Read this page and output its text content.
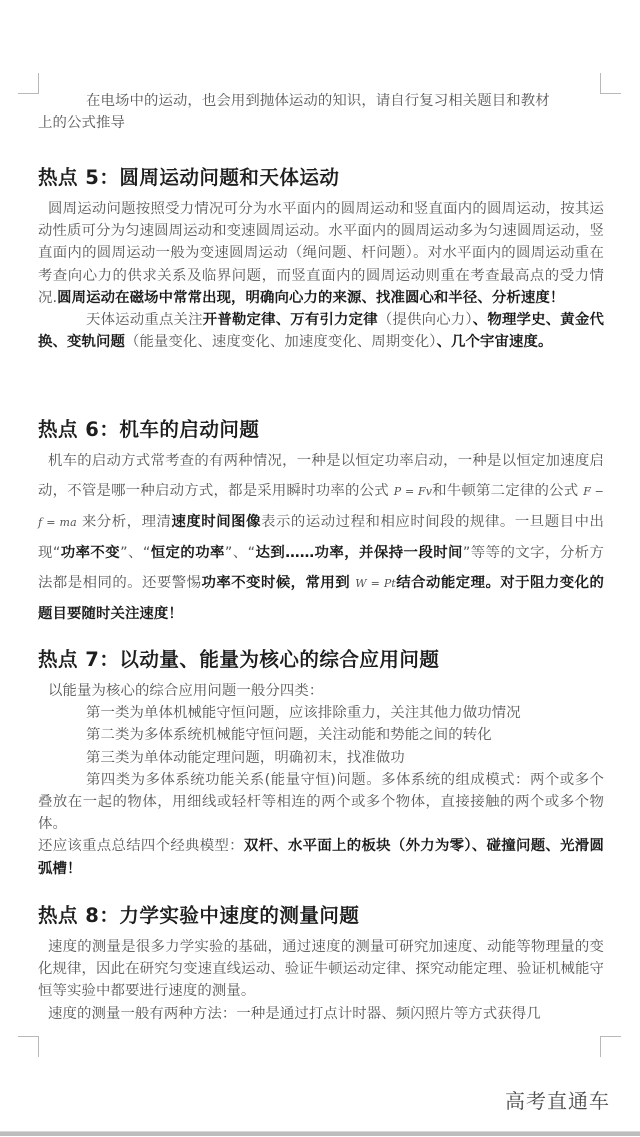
在电场中的运动，也会用到抛体运动的知识，请自行复习相关题目和教材
上的公式推导

热点 5：圆周运动问题和天体运动

圆周运动问题按照受力情况可分为水平面内的圆周运动和竖直面内的圆周运动，按其运动性质可分为匀速圆周运动和变速圆周运动。水平面内的圆周运动多为匀速圆周运动，竖直面内的圆周运动一般为变速圆周运动（绳问题、杆问题）。对水平面内的圆周运动重在考查向心力的供求关系及临界问题，而竖直面内的圆周运动则重在考查最高点的受力情况.圆周运动在磁场中常常出现，明确向心力的来源、找准圆心和半径、分析速度！

天体运动重点关注开普勒定律、万有引力定律（提供向心力）、物理学史、黄金代换、变轨问题（能量变化、速度变化、加速度变化、周期变化）、几个宇宙速度。

热点 6：机车的启动问题

机车的启动方式常考查的有两种情况，一种是以恒定功率启动，一种是以恒定加速度启动，不管是哪一种启动方式，都是采用瞬时功率的公式 P = Fv和牛顿第二定律的公式 F − f = ma 来分析，理清速度时间图像表示的运动过程和相应时间段的规律。一旦题目中出现“功率不变”、“恒定的功率”、“达到……功率，并保持一段时间”等等的文字，分析方法都是相同的。还要警惕功率不变时候，常用到 W = Pt结合动能定理。对于阻力变化的题目要随时关注速度！

热点 7：以动量、能量为核心的综合应用问题

以能量为核心的综合应用问题一般分四类：

第一类为单体机械能守恒问题，应该排除重力，关注其他力做功情况

第二类为多体系统机械能守恒问题，关注动能和势能之间的转化

第三类为单体动能定理问题，明确初末，找准做功

第四类为多体系统功能关系(能量守恒)问题。多体系统的组成模式：两个或多个叠放在一起的物体，用细线或轻杆等相连的两个或多个物体，直接接触的两个或多个物体。

还应该重点总结四个经典模型：双杆、水平面上的板块（外力为零）、碰撞问题、光滑圆弧槽！

热点 8：力学实验中速度的测量问题

速度的测量是很多力学实验的基础，通过速度的测量可研究加速度、动能等物理量的变化规律，因此在研究匀变速直线运动、验证牛顿运动定律、探究动能定理、验证机械能守恒等实验中都要进行速度的测量。

速度的测量一般有两种方法：一种是通过打点计时器、频闪照片等方式获得几

高考直通车
